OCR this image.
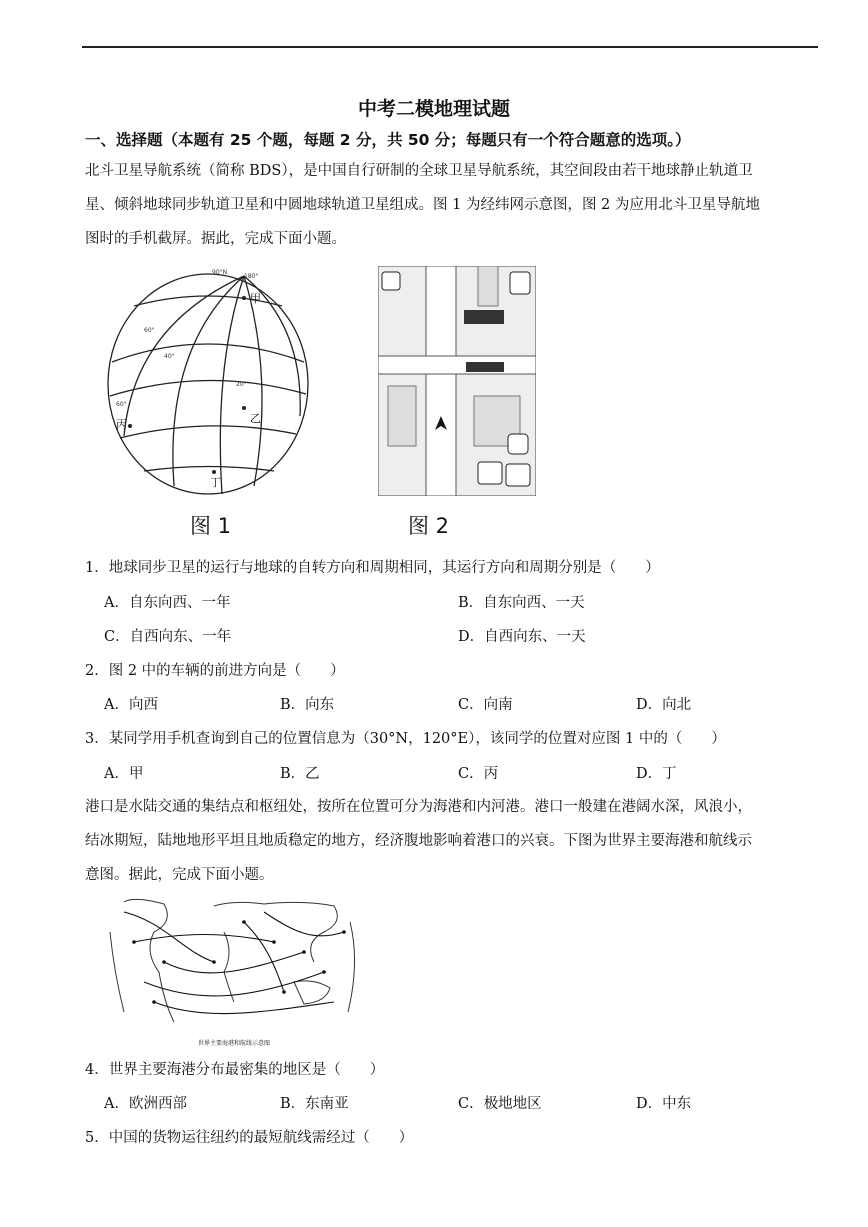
中考二模地理试题
一、选择题（本题有 25 个题，每题 2 分，共 50 分；每题只有一个符合题意的选项。）

北斗卫星导航系统（简称 BDS），是中国自行研制的全球卫星导航系统，其空间段由若干地球静止轨道卫

星、倾斜地球同步轨道卫星和中圆地球轨道卫星组成。图 1 为经纬网示意图，图 2 为应用北斗卫星导航地

图时的手机截屏。据此，完成下面小题。

90°N
180°
60°
40°
20°
60°
甲
乙
丙
丁
图 1	图 2
1．地球同步卫星的运行与地球的自转方向和周期相同，其运行方向和周期分别是（　　）
A．自东向西、一年	B．自东向西、一天
C．自西向东、一年	D．自西向东、一天
2．图 2 中的车辆的前进方向是（　　）
A．向西	B．向东	C．向南	D．向北
3．某同学用手机查询到自己的位置信息为（30°N，120°E），该同学的位置对应图 1 中的（　　）
A．甲	B．乙	C．丙	D．丁

港口是水陆交通的集结点和枢纽处，按所在位置可分为海港和内河港。港口一般建在港阔水深，风浪小，

结冰期短，陆地地形平坦且地质稳定的地方，经济腹地影响着港口的兴衰。下图为世界主要海港和航线示

意图。据此，完成下面小题。

世界主要海港和航线示意图
4．世界主要海港分布最密集的地区是（　　）
A．欧洲西部	B．东南亚	C．极地地区	D．中东
5．中国的货物运往纽约的最短航线需经过（　　）
